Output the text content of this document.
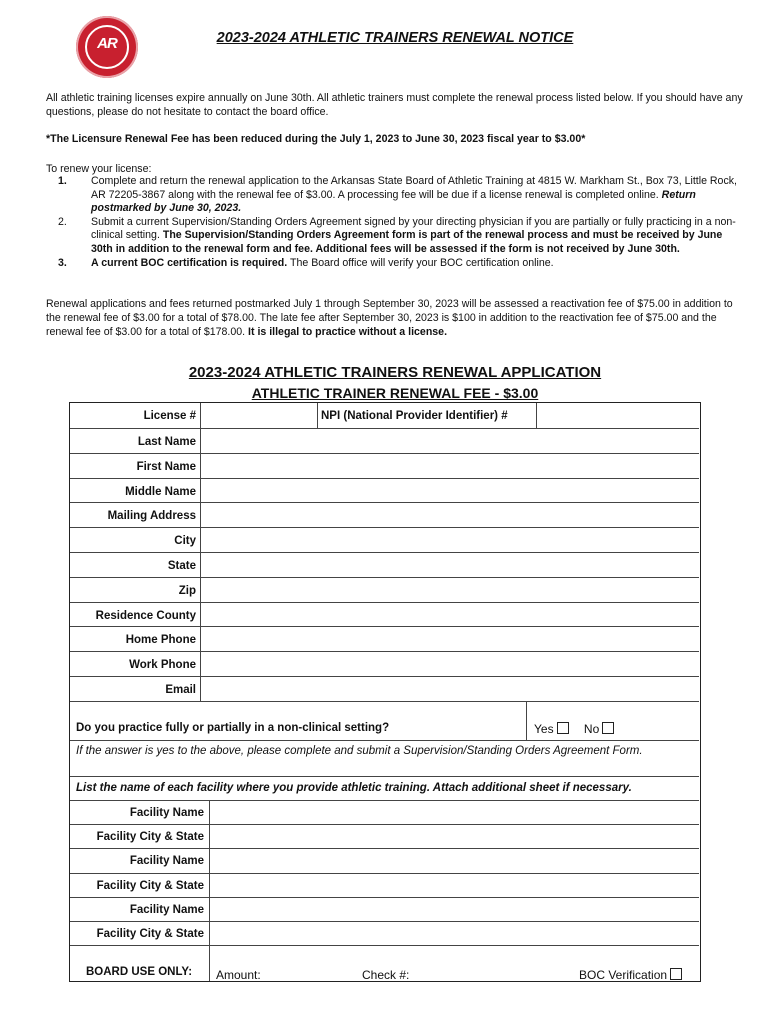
AR	2023-2024 ATHLETIC TRAINERS RENEWAL NOTICE
All athletic training licenses expire annually on June 30th. All athletic trainers must complete the renewal process listed below. If you should have any questions, please do not hesitate to contact the board office.
*The Licensure Renewal Fee has been reduced during the July 1, 2023 to June 30, 2023 fiscal year to $3.00*
To renew your license:
1. Complete and return the renewal application to the Arkansas State Board of Athletic Training at 4815 W. Markham St., Box 73, Little Rock, AR 72205-3867 along with the renewal fee of $3.00. A processing fee will be due if a license renewal is completed online. Return postmarked by June 30, 2023.
2. Submit a current Supervision/Standing Orders Agreement signed by your directing physician if you are partially or fully practicing in a non-clinical setting. The Supervision/Standing Orders Agreement form is part of the renewal process and must be received by June 30th in addition to the renewal form and fee. Additional fees will be assessed if the form is not received by June 30th.
3. A current BOC certification is required. The Board office will verify your BOC certification online.
Renewal applications and fees returned postmarked July 1 through September 30, 2023 will be assessed a reactivation fee of $75.00 in addition to the renewal fee of $3.00 for a total of $78.00. The late fee after September 30, 2023 is $100 in addition to the reactivation fee of $75.00 and the renewal fee of $3.00 for a total of $178.00. It is illegal to practice without a license.
2023-2024 ATHLETIC TRAINERS RENEWAL APPLICATION
ATHLETIC TRAINER RENEWAL FEE - $3.00
License #	NPI (National Provider Identifier) #
Last Name
First Name
Middle Name
Mailing Address
City
State
Zip
Residence County
Home Phone
Work Phone
Email
Do you practice fully or partially in a non-clinical setting?	Yes	No
If the answer is yes to the above, please complete and submit a Supervision/Standing Orders Agreement Form.
List the name of each facility where you provide athletic training. Attach additional sheet if necessary.
Facility Name
Facility City & State
Facility Name
Facility City & State
Facility Name
Facility City & State
BOARD USE ONLY: Amount:	Check #:	BOC Verification
